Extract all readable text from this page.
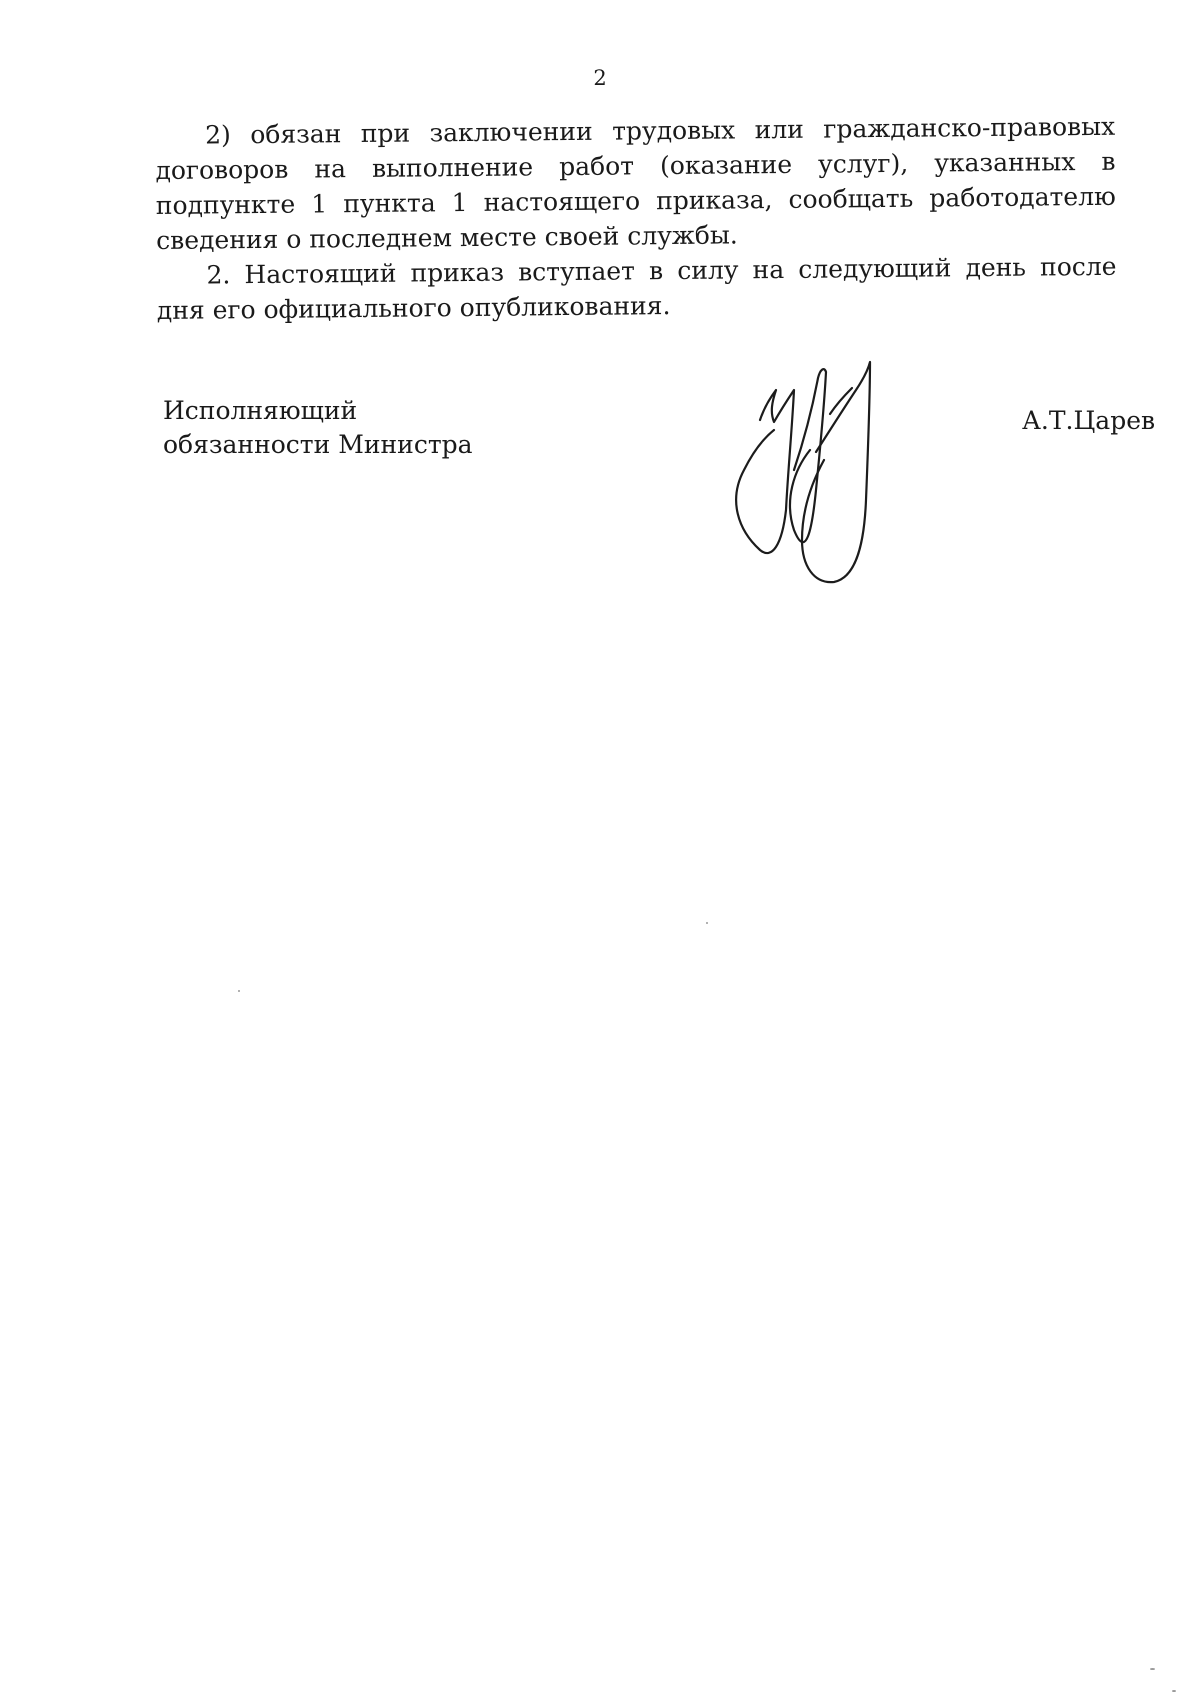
2

2) обязан при заключении трудовых или гражданско-правовых договоров на выполнение работ (оказание услуг), указанных в подпункте 1 пункта 1 настоящего приказа, сообщать работодателю сведения о последнем месте своей службы.

2. Настоящий приказ вступает в силу на следующий день после дня его официального опубликования.

Исполняющий
обязанности Министра
А.Т.Царев
